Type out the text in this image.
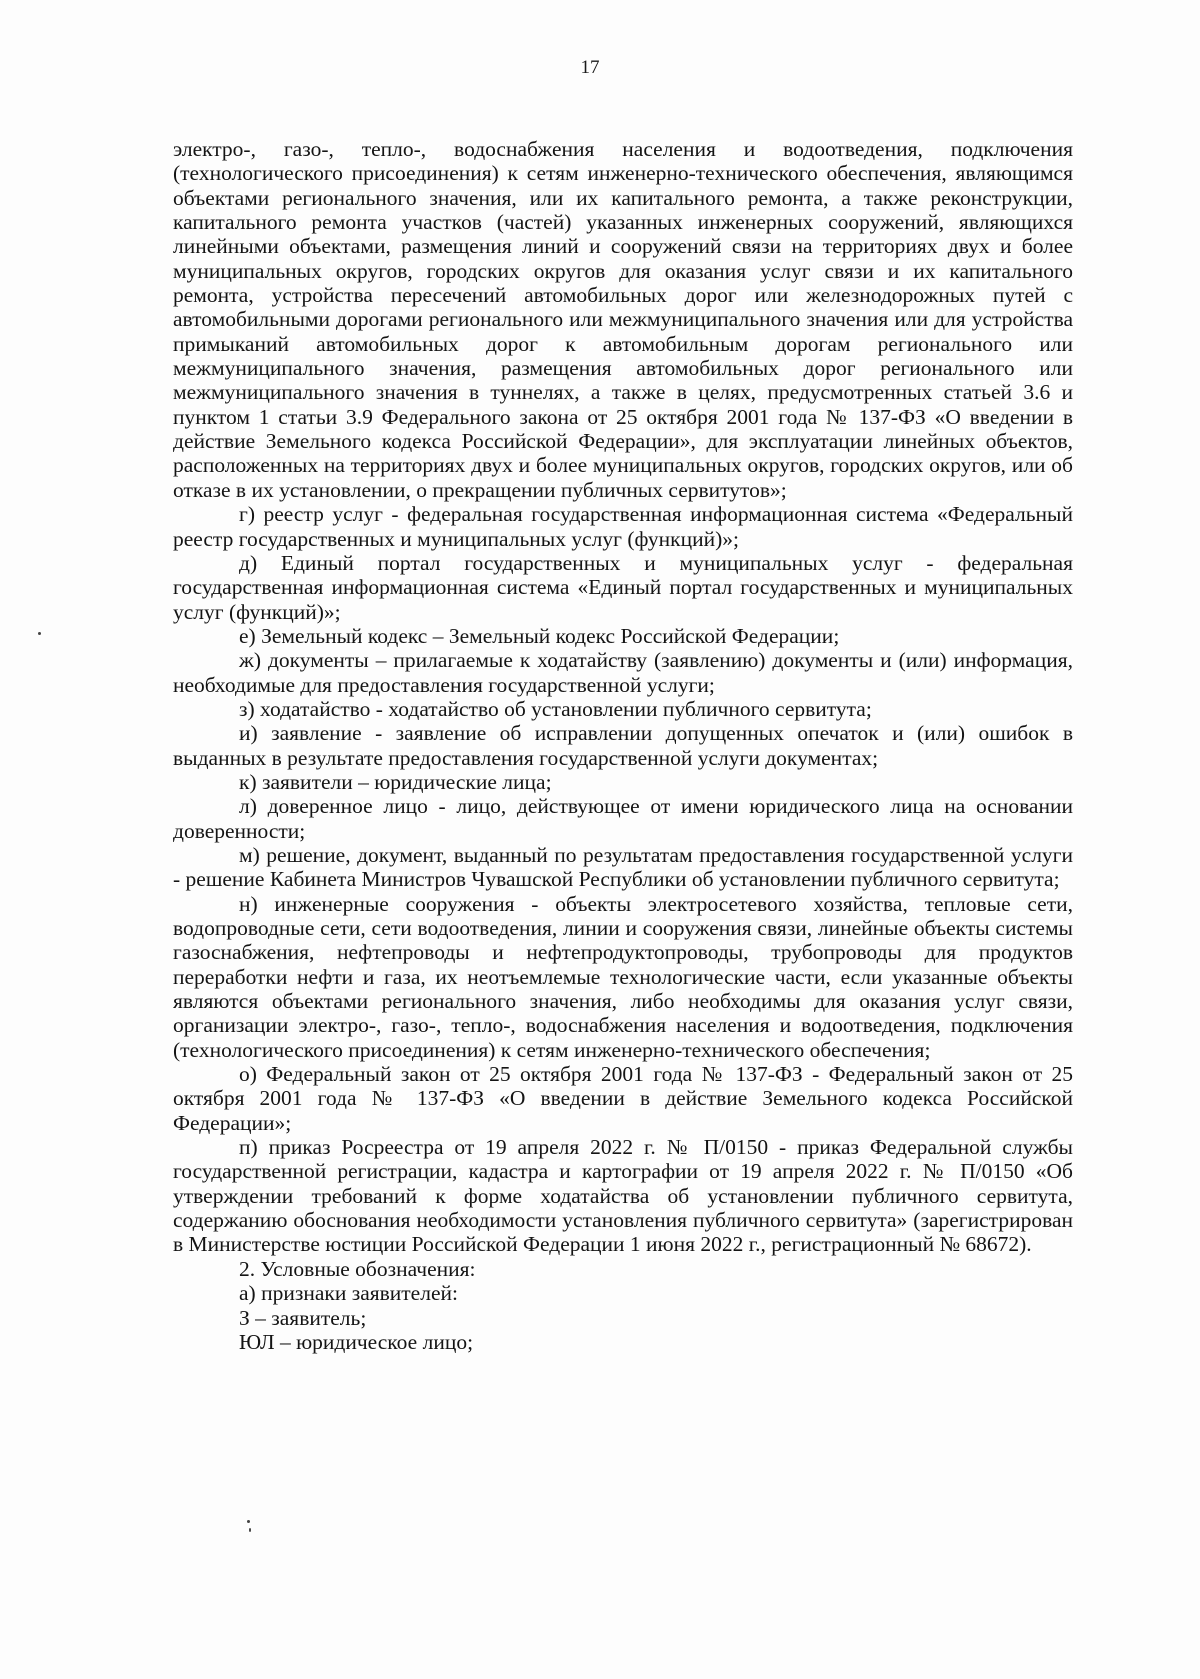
17

электро-, газо-, тепло-, водоснабжения населения и водоотведения, подключения (технологического присоединения) к сетям инженерно-технического обеспечения, являющимся объектами регионального значения, или их капитального ремонта, а также реконструкции, капитального ремонта участков (частей) указанных инженерных сооружений, являющихся линейными объектами, размещения линий и сооружений связи на территориях двух и более муниципальных округов, городских округов для оказания услуг связи и их капитального ремонта, устройства пересечений автомобильных дорог или железнодорожных путей с автомобильными дорогами регионального или межмуниципального значения или для устройства примыканий автомобильных дорог к автомобильным дорогам регионального или межмуниципального значения, размещения автомобильных дорог регионального или межмуниципального значения в туннелях, а также в целях, предусмотренных статьей 3.6 и пунктом 1 статьи 3.9 Федерального закона от 25 октября 2001 года № 137-ФЗ «О введении в действие Земельного кодекса Российской Федерации», для эксплуатации линейных объектов, расположенных на территориях двух и более муниципальных округов, городских округов, или об отказе в их установлении, о прекращении публичных сервитутов»;

г) реестр услуг - федеральная государственная информационная система «Федеральный реестр государственных и муниципальных услуг (функций)»;

д) Единый портал государственных и муниципальных услуг - федеральная государственная информационная система «Единый портал государственных и муниципальных услуг (функций)»;

е) Земельный кодекс – Земельный кодекс Российской Федерации;

ж) документы – прилагаемые к ходатайству (заявлению) документы и (или) информация, необходимые для предоставления государственной услуги;

з) ходатайство - ходатайство об установлении публичного сервитута;

и) заявление - заявление об исправлении допущенных опечаток и (или) ошибок в выданных в результате предоставления государственной услуги документах;

к) заявители – юридические лица;

л) доверенное лицо - лицо, действующее от имени юридического лица на основании доверенности;

м) решение, документ, выданный по результатам предоставления государственной услуги - решение Кабинета Министров Чувашской Республики об установлении публичного сервитута;

н) инженерные сооружения - объекты электросетевого хозяйства, тепловые сети, водопроводные сети, сети водоотведения, линии и сооружения связи, линейные объекты системы газоснабжения, нефтепроводы и нефтепродуктопроводы, трубопроводы для продуктов переработки нефти и газа, их неотъемлемые технологические части, если указанные объекты являются объектами регионального значения, либо необходимы для оказания услуг связи, организации электро-, газо-, тепло-, водоснабжения населения и водоотведения, подключения (технологического присоединения) к сетям инженерно-технического обеспечения;

о) Федеральный закон от 25 октября 2001 года № 137-ФЗ - Федеральный закон от 25 октября 2001 года № 137-ФЗ «О введении в действие Земельного кодекса Российской Федерации»;

п) приказ Росреестра от 19 апреля 2022 г. № П/0150 - приказ Федеральной службы государственной регистрации, кадастра и картографии от 19 апреля 2022 г. № П/0150 «Об утверждении требований к форме ходатайства об установлении публичного сервитута, содержанию обоснования необходимости установления публичного сервитута» (зарегистрирован в Министерстве юстиции Российской Федерации 1 июня 2022 г., регистрационный № 68672).

2. Условные обозначения:

а) признаки заявителей:

З – заявитель;

ЮЛ – юридическое лицо;
